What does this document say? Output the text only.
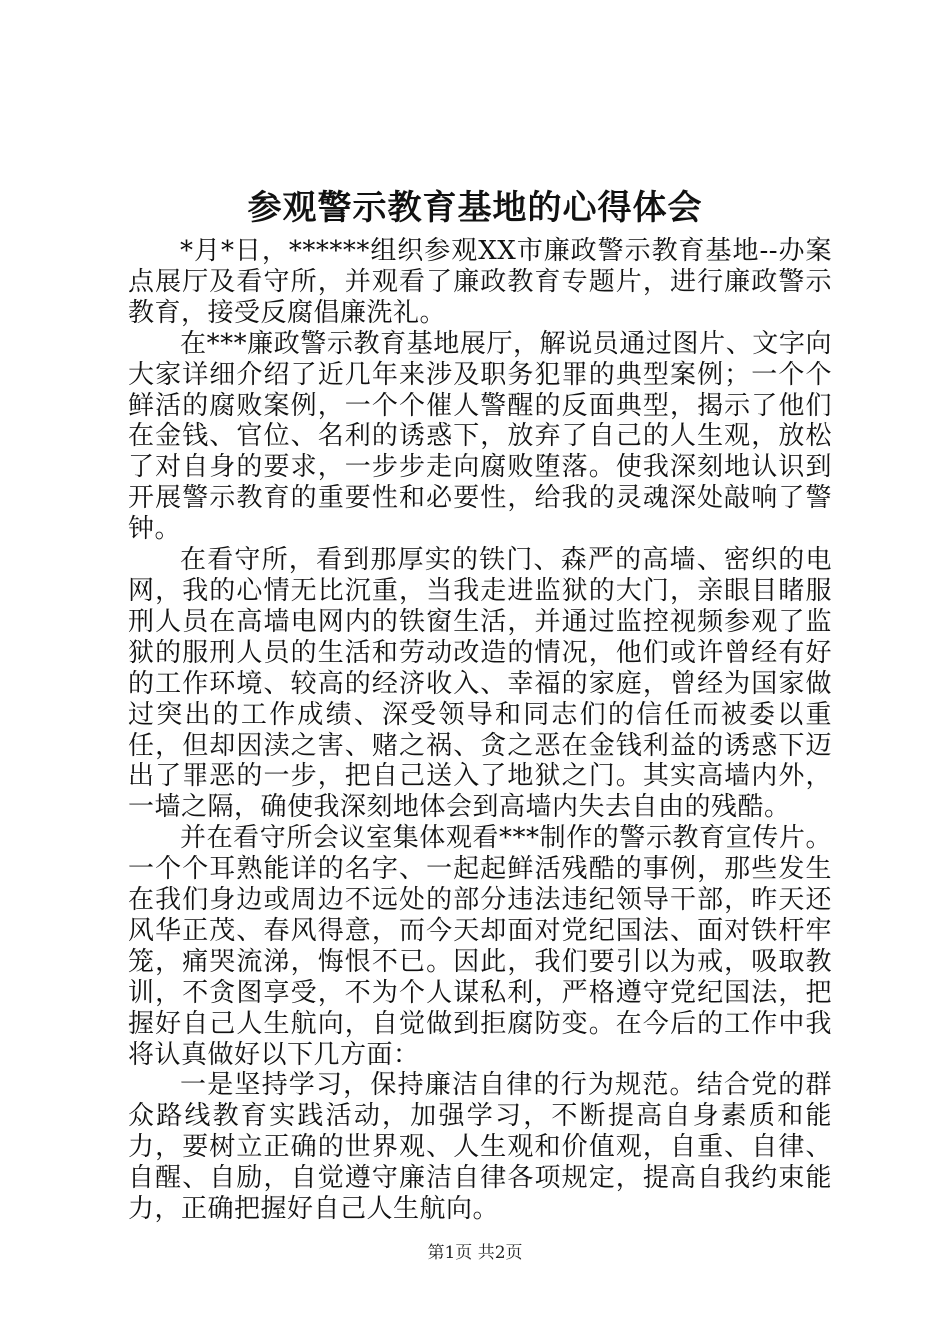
参观警示教育基地的心得体会

*月*日，******组织参观XX市廉政警示教育基地--办案点展厅及看守所，并观看了廉政教育专题片，进行廉政警示教育，接受反腐倡廉洗礼。

在***廉政警示教育基地展厅，解说员通过图片、文字向大家详细介绍了近几年来涉及职务犯罪的典型案例；一个个鲜活的腐败案例，一个个催人警醒的反面典型，揭示了他们在金钱、官位、名利的诱惑下，放弃了自己的人生观，放松了对自身的要求，一步步走向腐败堕落。使我深刻地认识到开展警示教育的重要性和必要性，给我的灵魂深处敲响了警钟。

在看守所，看到那厚实的铁门、森严的高墙、密织的电网，我的心情无比沉重，当我走进监狱的大门，亲眼目睹服刑人员在高墙电网内的铁窗生活，并通过监控视频参观了监狱的服刑人员的生活和劳动改造的情况，他们或许曾经有好的工作环境、较高的经济收入、幸福的家庭，曾经为国家做过突出的工作成绩、深受领导和同志们的信任而被委以重任，但却因渎之害、赌之祸、贪之恶在金钱利益的诱惑下迈出了罪恶的一步，把自己送入了地狱之门。其实高墙内外，一墙之隔，确使我深刻地体会到高墙内失去自由的残酷。

并在看守所会议室集体观看***制作的警示教育宣传片。一个个耳熟能详的名字、一起起鲜活残酷的事例，那些发生在我们身边或周边不远处的部分违法违纪领导干部，昨天还风华正茂、春风得意，而今天却面对党纪国法、面对铁杆牢笼，痛哭流涕，悔恨不已。因此，我们要引以为戒，吸取教训，不贪图享受，不为个人谋私利，严格遵守党纪国法，把握好自己人生航向，自觉做到拒腐防变。在今后的工作中我将认真做好以下几方面：

一是坚持学习，保持廉洁自律的行为规范。结合党的群众路线教育实践活动，加强学习，不断提高自身素质和能力，要树立正确的世界观、人生观和价值观，自重、自律、自醒、自励，自觉遵守廉洁自律各项规定，提高自我约束能力，正确把握好自己人生航向。

第1页 共2页
